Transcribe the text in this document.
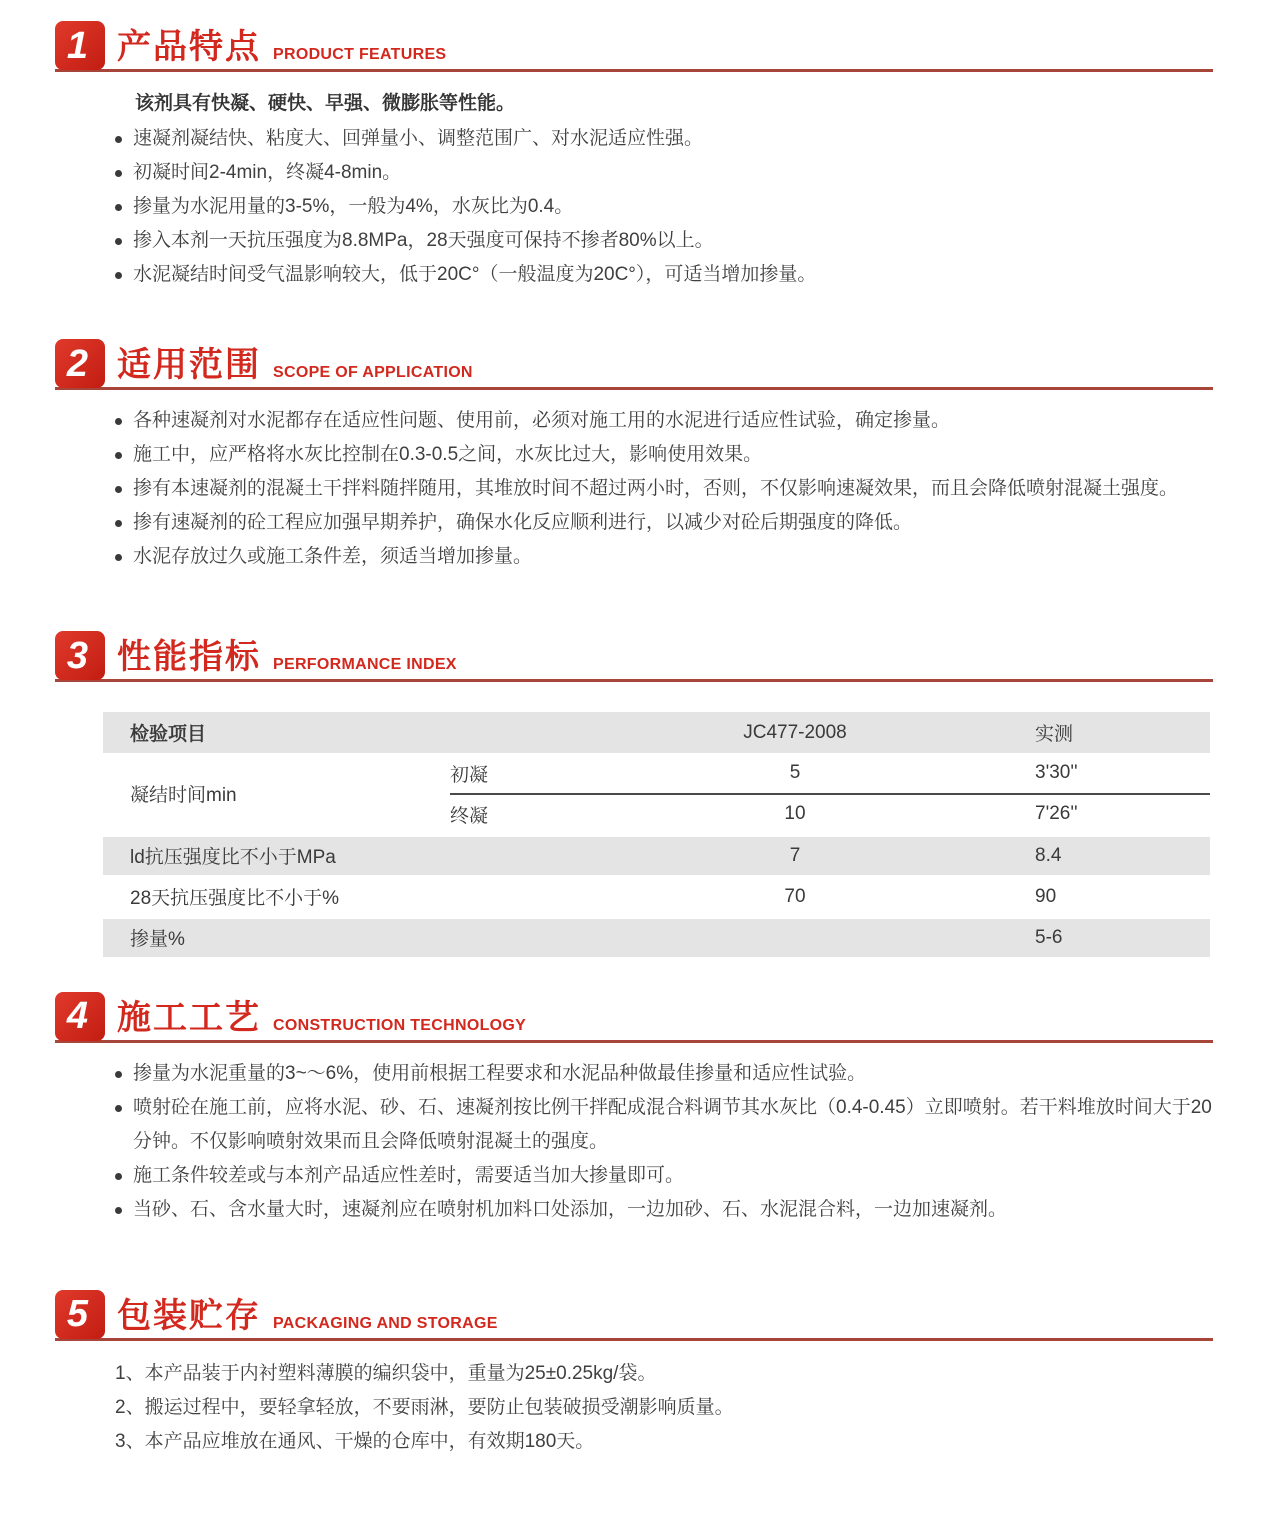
1 产品特点 PRODUCT FEATURES

该剂具有快凝、硬快、早强、微膨胀等性能。

速凝剂凝结快、粘度大、回弹量小、调整范围广、对水泥适应性强。
初凝时间2-4min，终凝4-8min。
掺量为水泥用量的3-5%，一般为4%，水灰比为0.4。
掺入本剂一天抗压强度为8.8MPa，28天强度可保持不掺者80%以上。
水泥凝结时间受气温影响较大，低于20C°（一般温度为20C°），可适当增加掺量。
2 适用范围 SCOPE OF APPLICATION
各种速凝剂对水泥都存在适应性问题、使用前，必须对施工用的水泥进行适应性试验，确定掺量。
施工中，应严格将水灰比控制在0.3-0.5之间，水灰比过大，影响使用效果。
掺有本速凝剂的混凝土干拌料随拌随用，其堆放时间不超过两小时，否则，不仅影响速凝效果，而且会降低喷射混凝土强度。
掺有速凝剂的砼工程应加强早期养护，确保水化反应顺利进行，以减少对砼后期强度的降低。
水泥存放过久或施工条件差，须适当增加掺量。
3 性能指标 PERFORMANCE INDEX
检验项目		JC477-2008	实测
凝结时间min	初凝	5	3'30''
	终凝	10	7'26''
ld抗压强度比不小于MPa		7	8.4
28天抗压强度比不小于%		70	90
掺量%			5-6
4 施工工艺 CONSTRUCTION TECHNOLOGY
掺量为水泥重量的3~～6%，使用前根据工程要求和水泥品种做最佳掺量和适应性试验。
喷射砼在施工前，应将水泥、砂、石、速凝剂按比例干拌配成混合料调节其水灰比（0.4-0.45）立即喷射。若干料堆放时间大于20分钟。不仅影响喷射效果而且会降低喷射混凝土的强度。
施工条件较差或与本剂产品适应性差时，需要适当加大掺量即可。
当砂、石、含水量大时，速凝剂应在喷射机加料口处添加，一边加砂、石、水泥混合料，一边加速凝剂。
5 包装贮存 PACKAGING AND STORAGE
1、本产品装于内衬塑料薄膜的编织袋中，重量为25±0.25kg/袋。
2、搬运过程中，要轻拿轻放，不要雨淋，要防止包装破损受潮影响质量。
3、本产品应堆放在通风、干燥的仓库中，有效期180天。
